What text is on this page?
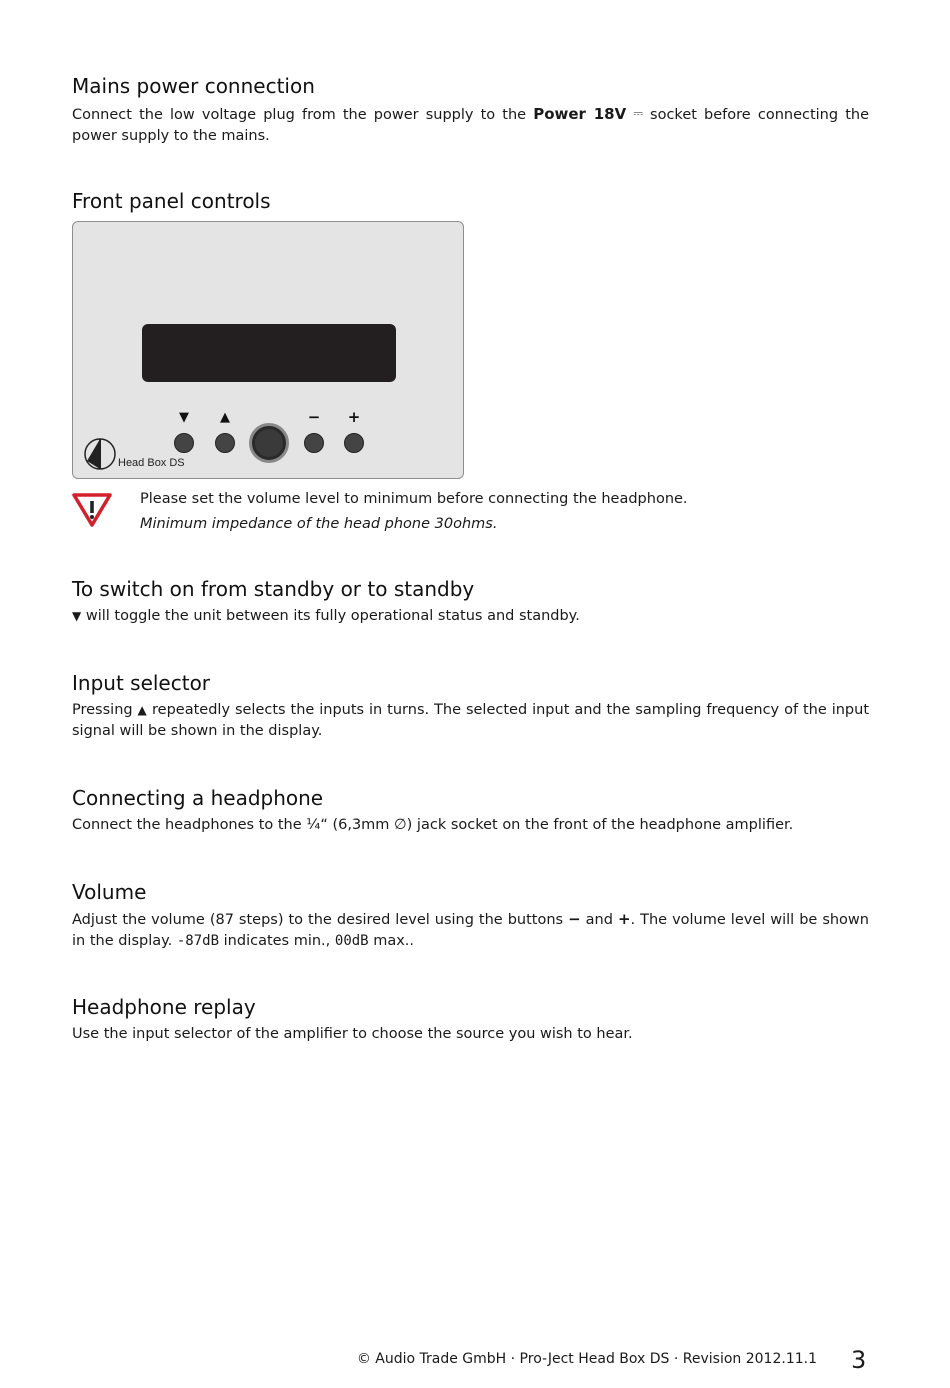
Mains power connection

Connect the low voltage plug from the power supply to the Power 18V ⎓ socket before connecting the power supply to the mains.

Front panel controls
▼	▲	− +
Head Box DS

Please set the volume level to minimum before connecting the headphone.

Minimum impedance of the head phone 30ohms.

To switch on from standby or to standby

▼ will toggle the unit between its fully operational status and standby.

Input selector

Pressing ▲ repeatedly selects the inputs in turns. The selected input and the sampling frequency of the input signal will be shown in the display.

Connecting a headphone

Connect the headphones to the ¼“ (6,3mm ∅) jack socket on the front of the headphone amplifier.

Volume

Adjust the volume (87 steps) to the desired level using the buttons − and +. The volume level will be shown in the display. -87dB indicates min., 00dB max..

Headphone replay

Use the input selector of the amplifier to choose the source you wish to hear.

© Audio Trade GmbH · Pro-Ject Head Box DS · Revision 2012.11.1 3
